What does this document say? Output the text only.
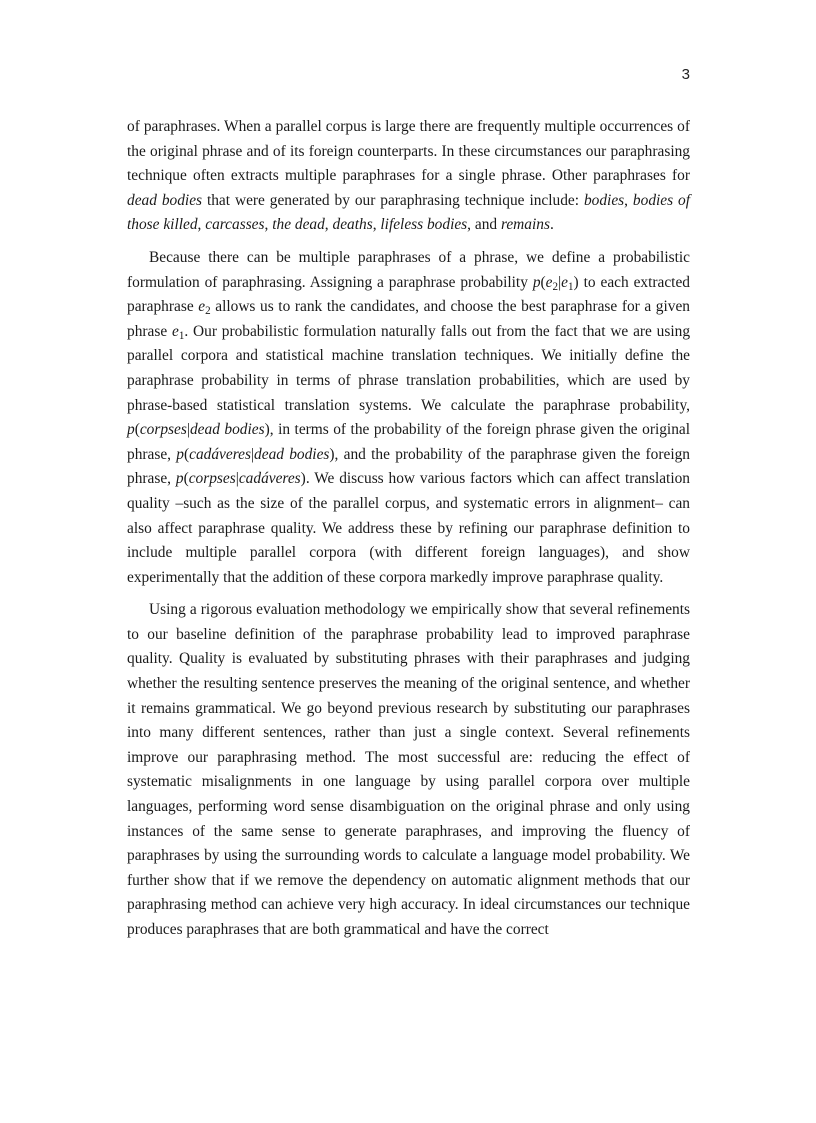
3

of paraphrases. When a parallel corpus is large there are frequently multiple occurrences of the original phrase and of its foreign counterparts. In these circumstances our paraphrasing technique often extracts multiple paraphrases for a single phrase. Other paraphrases for dead bodies that were generated by our paraphrasing technique include: bodies, bodies of those killed, carcasses, the dead, deaths, lifeless bodies, and remains.

Because there can be multiple paraphrases of a phrase, we define a probabilistic formulation of paraphrasing. Assigning a paraphrase probability $p(e_2|e_1)$ to each extracted paraphrase $e_2$ allows us to rank the candidates, and choose the best paraphrase for a given phrase $e_1$. Our probabilistic formulation naturally falls out from the fact that we are using parallel corpora and statistical machine translation techniques. We initially define the paraphrase probability in terms of phrase translation probabilities, which are used by phrase-based statistical translation systems. We calculate the paraphrase probability, p(corpses|dead bodies), in terms of the probability of the foreign phrase given the original phrase, p(cadáveres|dead bodies), and the probability of the paraphrase given the foreign phrase, p(corpses|cadáveres). We discuss how various factors which can affect translation quality –such as the size of the parallel corpus, and systematic errors in alignment– can also affect paraphrase quality. We address these by refining our paraphrase definition to include multiple parallel corpora (with different foreign languages), and show experimentally that the addition of these corpora markedly improve paraphrase quality.

Using a rigorous evaluation methodology we empirically show that several refinements to our baseline definition of the paraphrase probability lead to improved paraphrase quality. Quality is evaluated by substituting phrases with their paraphrases and judging whether the resulting sentence preserves the meaning of the original sentence, and whether it remains grammatical. We go beyond previous research by substituting our paraphrases into many different sentences, rather than just a single context. Several refinements improve our paraphrasing method. The most successful are: reducing the effect of systematic misalignments in one language by using parallel corpora over multiple languages, performing word sense disambiguation on the original phrase and only using instances of the same sense to generate paraphrases, and improving the fluency of paraphrases by using the surrounding words to calculate a language model probability. We further show that if we remove the dependency on automatic alignment methods that our paraphrasing method can achieve very high accuracy. In ideal circumstances our technique produces paraphrases that are both grammatical and have the correct
